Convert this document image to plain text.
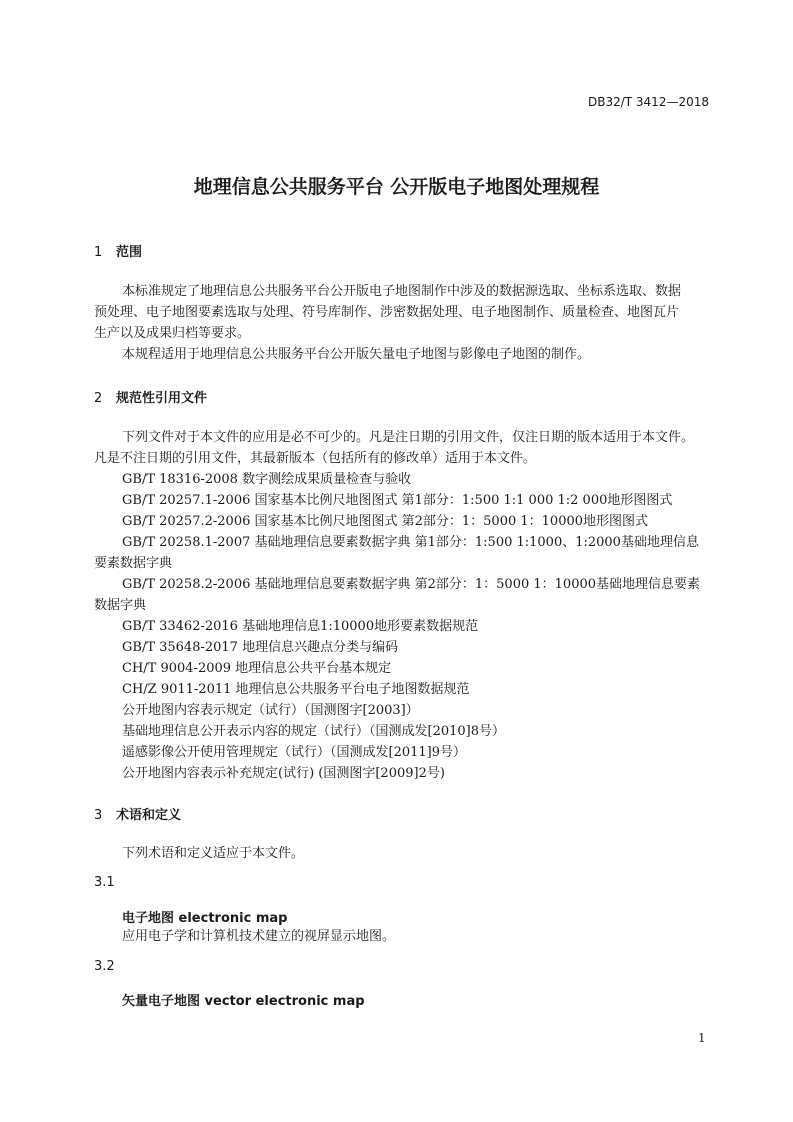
DB32/T 3412—2018
地理信息公共服务平台 公开版电子地图处理规程
1 范围
本标准规定了地理信息公共服务平台公开版电子地图制作中涉及的数据源选取、坐标系选取、数据
预处理、电子地图要素选取与处理、符号库制作、涉密数据处理、电子地图制作、质量检查、地图瓦片
生产以及成果归档等要求。
本规程适用于地理信息公共服务平台公开版矢量电子地图与影像电子地图的制作。
2 规范性引用文件
下列文件对于本文件的应用是必不可少的。凡是注日期的引用文件，仅注日期的版本适用于本文件。
凡是不注日期的引用文件，其最新版本（包括所有的修改单）适用于本文件。
GB/T 18316-2008 数字测绘成果质量检查与验收
GB/T 20257.1-2006 国家基本比例尺地图图式 第1部分：1:500 1:1 000 1:2 000地形图图式
GB/T 20257.2-2006 国家基本比例尺地图图式 第2部分：1：5000 1：10000地形图图式
GB/T 20258.1-2007 基础地理信息要素数据字典 第1部分：1:500 1:1000、1:2000基础地理信息
要素数据字典
GB/T 20258.2-2006 基础地理信息要素数据字典 第2部分：1：5000 1：10000基础地理信息要素
数据字典
GB/T 33462-2016 基础地理信息1:10000地形要素数据规范
GB/T 35648-2017 地理信息兴趣点分类与编码
CH/T 9004-2009 地理信息公共平台基本规定
CH/Z 9011-2011 地理信息公共服务平台电子地图数据规范
公开地图内容表示规定（试行）（国测图字[2003]）
基础地理信息公开表示内容的规定（试行）（国测成发[2010]8号）
遥感影像公开使用管理规定（试行）（国测成发[2011]9号）
公开地图内容表示补充规定(试行) (国测图字[2009]2号)
3 术语和定义
下列术语和定义适应于本文件。
3.1
电子地图 electronic map
应用电子学和计算机技术建立的视屏显示地图。
3.2
矢量电子地图 vector electronic map
1
